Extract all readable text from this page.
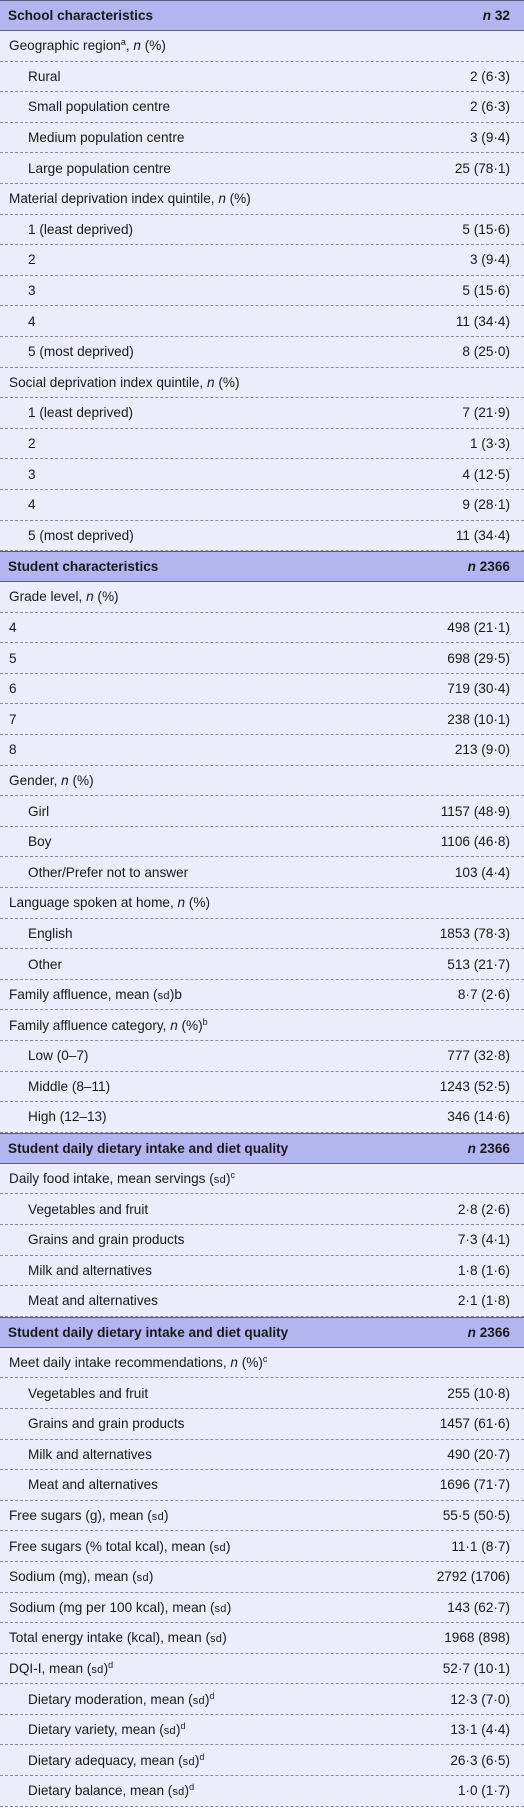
School characteristics	n 32
Geographic region$^a$, n (%)
Rural	2 (6·3)
Small population centre	2 (6·3)
Medium population centre	3 (9·4)
Large population centre	25 (78·1)
Material deprivation index quintile, n (%)
1 (least deprived)	5 (15·6)
2	3 (9·4)
3	5 (15·6)
4	11 (34·4)
5 (most deprived)	8 (25·0)
Social deprivation index quintile, n (%)
1 (least deprived)	7 (21·9)
2	1 (3·3)
3	4 (12·5)
4	9 (28·1)
5 (most deprived)	11 (34·4)
Student characteristics	n 2366
Grade level, n (%)
4	498 (21·1)
5	698 (29·5)
6	719 (30·4)
7	238 (10·1)
8	213 (9·0)
Gender, n (%)
Girl	1157 (48·9)
Boy	1106 (46·8)
Other/Prefer not to answer	103 (4·4)
Language spoken at home, n (%)
English	1853 (78·3)
Other	513 (21·7)
Family affluence, mean (sd)b	8·7 (2·6)
Family affluence category, n (%)$^b$
Low (0–7)	777 (32·8)
Middle (8–11)	1243 (52·5)
High (12–13)	346 (14·6)
Student daily dietary intake and diet quality	n 2366
Daily food intake, mean servings (sd)$^c$
Vegetables and fruit	2·8 (2·6)
Grains and grain products	7·3 (4·1)
Milk and alternatives	1·8 (1·6)
Meat and alternatives	2·1 (1·8)
Student daily dietary intake and diet quality	n 2366
Meet daily intake recommendations, n (%)$^c$
Vegetables and fruit	255 (10·8)
Grains and grain products	1457 (61·6)
Milk and alternatives	490 (20·7)
Meat and alternatives	1696 (71·7)
Free sugars (g), mean (sd)	55·5 (50·5)
Free sugars (% total kcal), mean (sd)	11·1 (8·7)
Sodium (mg), mean (sd)	2792 (1706)
Sodium (mg per 100 kcal), mean (sd)	143 (62·7)
Total energy intake (kcal), mean (sd)	1968 (898)
DQI-I, mean (sd)$^d$	52·7 (10·1)
Dietary moderation, mean (sd)$^d$	12·3 (7·0)
Dietary variety, mean (sd)$^d$	13·1 (4·4)
Dietary adequacy, mean (sd)$^d$	26·3 (6·5)
Dietary balance, mean (sd)$^d$	1·0 (1·7)
